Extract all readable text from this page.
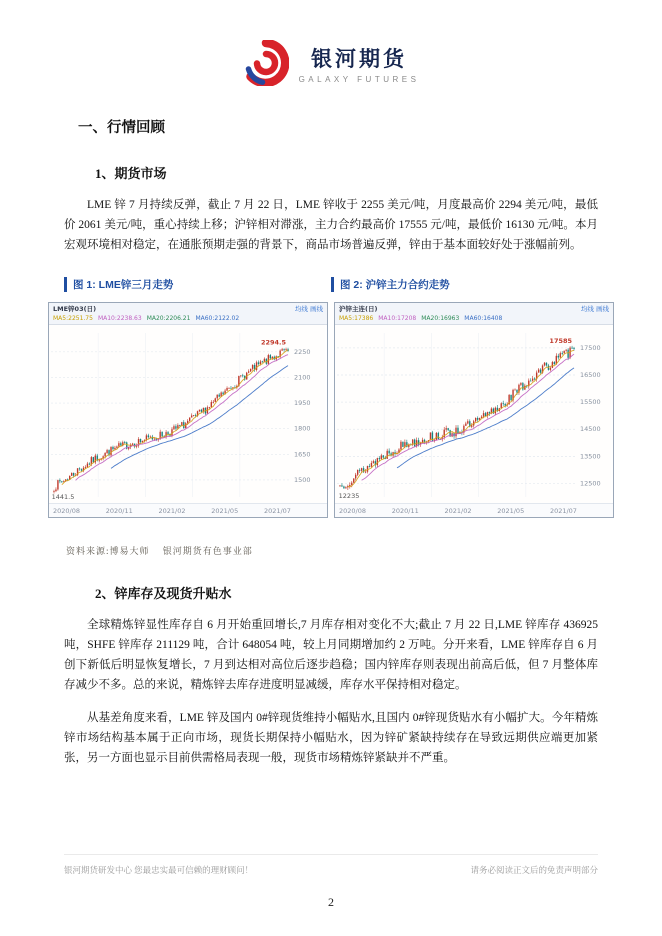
银河期货
GALAXY FUTURES
一、行情回顾
1、期货市场

LME 锌 7 月持续反弹，截止 7 月 22 日，LME 锌收于 2255 美元/吨，月度最高价 2294 美元/吨，最低价 2061 美元/吨，重心持续上移；沪锌相对滞涨，主力合约最高价 17555 元/吨，最低价 16130 元/吨。本月宏观环境相对稳定，在通胀预期走强的背景下，商品市场普遍反弹，锌由于基本面较好处于涨幅前列。

图 1: LME锌三月走势	图 2: 沪锌主力合约走势
LME锌03(日)	均线 画线
MA5:2251.75 MA10:2238.63 MA20:2206.21 MA60:2122.02
1500
1650
1800
1950
2100
2250
2294.5
1441.5
2020/08	2020/11	2021/02	2021/05	2021/07
沪锌主连(日)	均线 画线
MA5:17386 MA10:17208 MA20:16963 MA60:16408
12500
13500
14500
15500
16500
17500
17585
12235
2020/08	2020/11	2021/02	2021/05	2021/07
资料来源:博易大师　 银河期货有色事业部
2、锌库存及现货升贴水

全球精炼锌显性库存自 6 月开始重回增长,7 月库存相对变化不大;截止 7 月 22 日,LME 锌库存 436925 吨，SHFE 锌库存 211129 吨，合计 648054 吨，较上月同期增加约 2 万吨。分开来看，LME 锌库存自 6 月创下新低后明显恢复增长，7 月到达相对高位后逐步趋稳；国内锌库存则表现出前高后低，但 7 月整体库存减少不多。总的来说，精炼锌去库存进度明显减缓，库存水平保持相对稳定。

从基差角度来看，LME 锌及国内 0#锌现货维持小幅贴水,且国内 0#锌现货贴水有小幅扩大。今年精炼锌市场结构基本属于正向市场，现货长期保持小幅贴水，因为锌矿紧缺持续存在导致远期供应端更加紧张，另一方面也显示目前供需格局表现一般，现货市场精炼锌紧缺并不严重。

银河期货研发中心 您最忠实最可信赖的理财顾问！	请务必阅读正文后的免责声明部分
2
